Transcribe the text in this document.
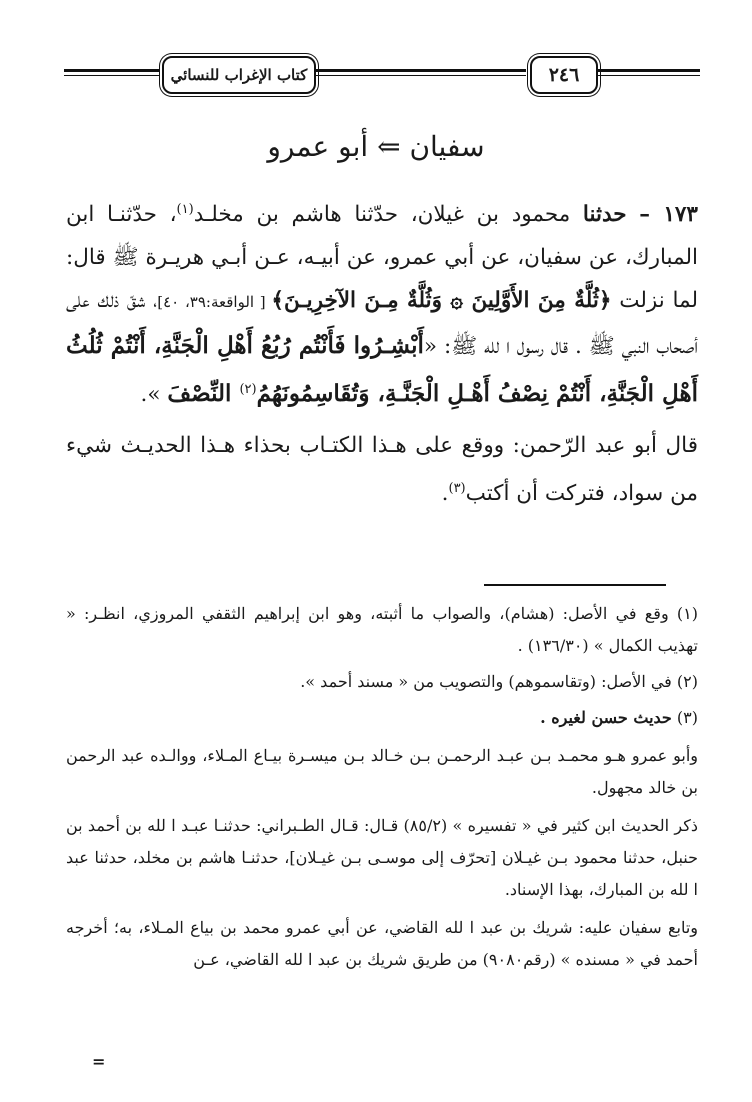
كتاب الإغراب للنسائي	٢٤٦
سفيان ⇐ أبو عمرو

١٧٣ – حدثنا محمود بن غيلان، حدّثنا هاشم بن مخلـد$^{(١)}$، حدّثنـا ابن المبارك، عن سفيان، عن أبي عمرو، عن أبيـه، عـن أبـي هريـرة ﷺ قال: لما نزلت ﴿ثُلَّةٌ مِنَ الأَوَّلِينَ ۞ وَثُلَّةٌ مِـنَ الآخِرِيـنَ﴾ [ الواقعة:٣٩، ٤٠]، شقّ ذلك على أصحاب النبي ﷺ . قال رسول ا لله ﷺ: «أَبْشِـرُوا فَأَنْتُم رُبُعُ أَهْلِ الْجَنَّةِ، أَنْتُمْ ثُلُثُ أَهْلِ الْجَنَّةِ، أَنْتُمْ نِصْفُ أَهْـلِ الْجَنَّـةِ، وَتُقَاسِمُونَهُمُ$^{(٢)}$ النِّصْفَ ».

قال أبو عبد الرّحمن: ووقع على هـذا الكتـاب بحذاء هـذا الحديـث شيء من سواد، فتركت أن أكتب$^{(٣)}$.

(١) وقع في الأصل: (هشام)، والصواب ما أثبته، وهو ابن إبراهيم الثقفي المروزي، انظـر: « تهذيب الكمال » (١٣٦/٣٠) .

(٢) في الأصل: (وتقاسموهم) والتصويب من « مسند أحمد ».

(٣) حديث حسن لغيره .

وأبو عمرو هـو محمـد بـن عبـد الرحمـن بـن خـالد بـن ميسـرة بيـاع المـلاء، ووالـده عبد الرحمن بن خالد مجهول.

ذكر الحديث ابن كثير في « تفسيره » (٨٥/٢) قـال: قـال الطـبراني: حدثنـا عبـد ا لله بن أحمد بن حنبل، حدثنا محمود بـن غيـلان [تحرّف إلى موسـى بـن غيـلان]، حدثنـا هاشم بن مخلد، حدثنا عبد ا لله بن المبارك، بهذا الإسناد.

وتابع سفيان عليه: شريك بن عبد ا لله القاضي، عن أبي عمرو محمد بن بياع المـلاء، به؛ أخرجه أحمد في « مسنده » (رقم٩٠٨٠) من طريق شريك بن عبد ا لله القاضي، عـن

=
